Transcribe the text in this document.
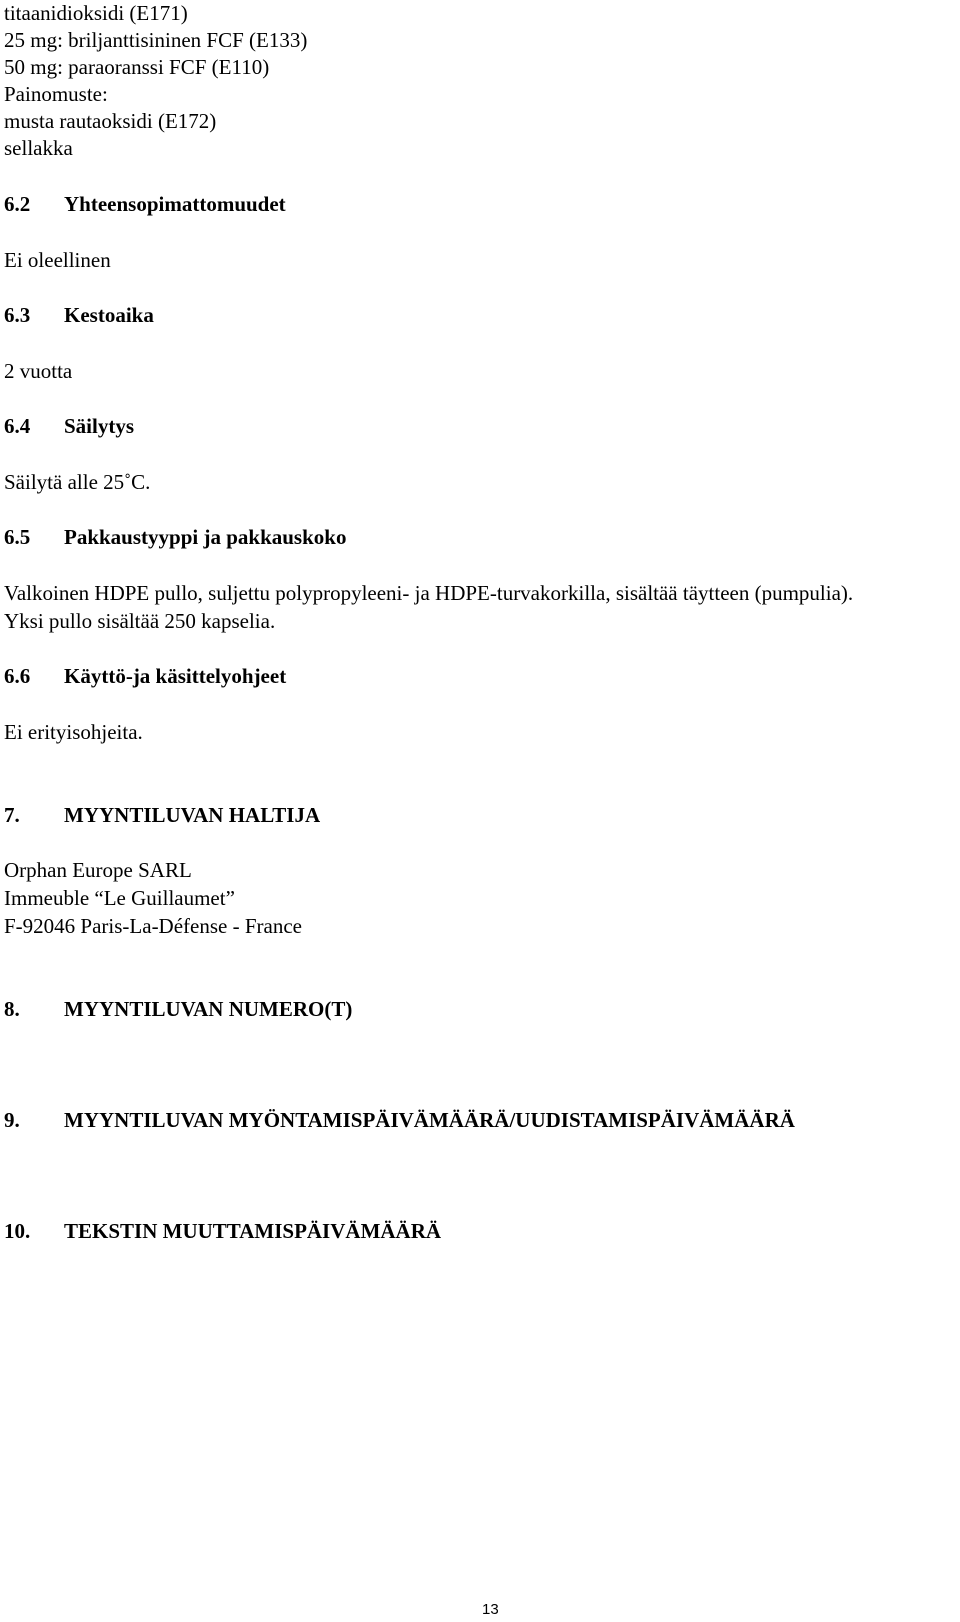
titaanidioksidi (E171)
25 mg: briljanttisininen FCF (E133)
50 mg: paraoranssi FCF (E110)
Painomuste:
musta rautaoksidi (E172)
sellakka
6.2 Yhteensopimattomuudet
Ei oleellinen
6.3 Kestoaika
2 vuotta
6.4 Säilytys
Säilytä alle 25˚C.
6.5 Pakkaustyyppi ja pakkauskoko
Valkoinen HDPE pullo, suljettu polypropyleeni- ja HDPE-turvakorkilla, sisältää täytteen (pumpulia).
Yksi pullo sisältää 250 kapselia.
6.6 Käyttö-ja käsittelyohjeet
Ei erityisohjeita.
7. MYYNTILUVAN HALTIJA
Orphan Europe SARL
Immeuble “Le Guillaumet”
F-92046 Paris-La-Défense - France
8. MYYNTILUVAN NUMERO(T)
9. MYYNTILUVAN MYÖNTAMISPÄIVÄMÄÄRÄ/UUDISTAMISPÄIVÄMÄÄRÄ
10. TEKSTIN MUUTTAMISPÄIVÄMÄÄRÄ
13
